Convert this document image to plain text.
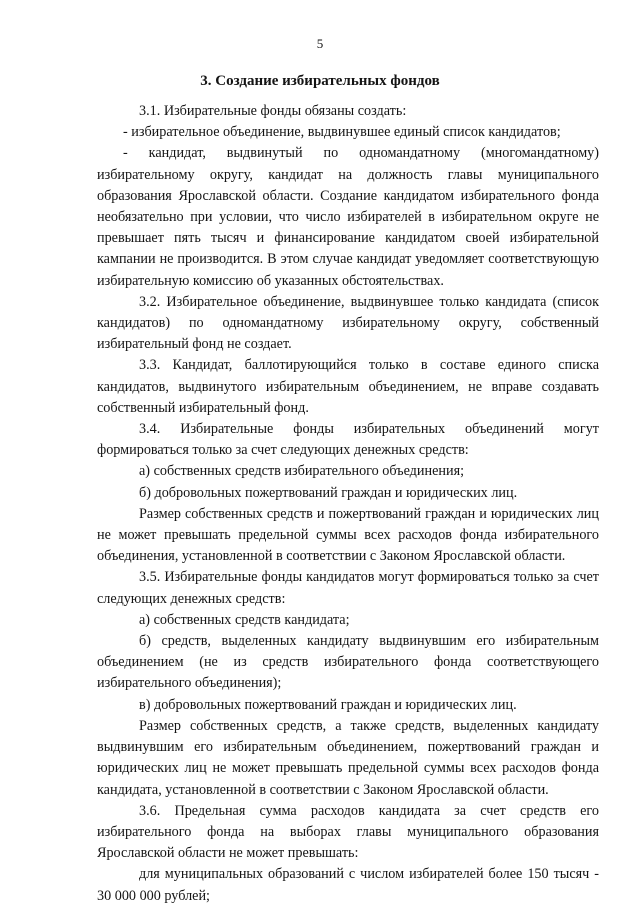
5
3. Создание избирательных фондов

3.1. Избирательные фонды обязаны создать:

- избирательное объединение, выдвинувшее единый список кандидатов;

- кандидат, выдвинутый по одномандатному (многомандатному) избирательному округу, кандидат на должность главы муниципального образования Ярославской области. Создание кандидатом избирательного фонда необязательно при условии, что число избирателей в избирательном округе не превышает пять тысяч и финансирование кандидатом своей избирательной кампании не производится. В этом случае кандидат уведомляет соответствующую избирательную комиссию об указанных обстоятельствах.

3.2. Избирательное объединение, выдвинувшее только кандидата (список кандидатов) по одномандатному избирательному округу, собственный избирательный фонд не создает.

3.3. Кандидат, баллотирующийся только в составе единого списка кандидатов, выдвинутого избирательным объединением, не вправе создавать собственный избирательный фонд.

3.4. Избирательные фонды избирательных объединений могут формироваться только за счет следующих денежных средств:

а) собственных средств избирательного объединения;

б) добровольных пожертвований граждан и юридических лиц.

Размер собственных средств и пожертвований граждан и юридических лиц не может превышать предельной суммы всех расходов фонда избирательного объединения, установленной в соответствии с Законом Ярославской области.

3.5. Избирательные фонды кандидатов могут формироваться только за счет следующих денежных средств:

а) собственных средств кандидата;

б) средств, выделенных кандидату выдвинувшим его избирательным объединением (не из средств избирательного фонда соответствующего избирательного объединения);

в) добровольных пожертвований граждан и юридических лиц.

Размер собственных средств, а также средств, выделенных кандидату выдвинувшим его избирательным объединением, пожертвований граждан и юридических лиц не может превышать предельной суммы всех расходов фонда кандидата, установленной в соответствии с Законом Ярославской области.

3.6. Предельная сумма расходов кандидата за счет средств его избирательного фонда на выборах главы муниципального образования Ярославской области не может превышать:

для муниципальных образований с числом избирателей более 150 тысяч - 30 000 000 рублей;
